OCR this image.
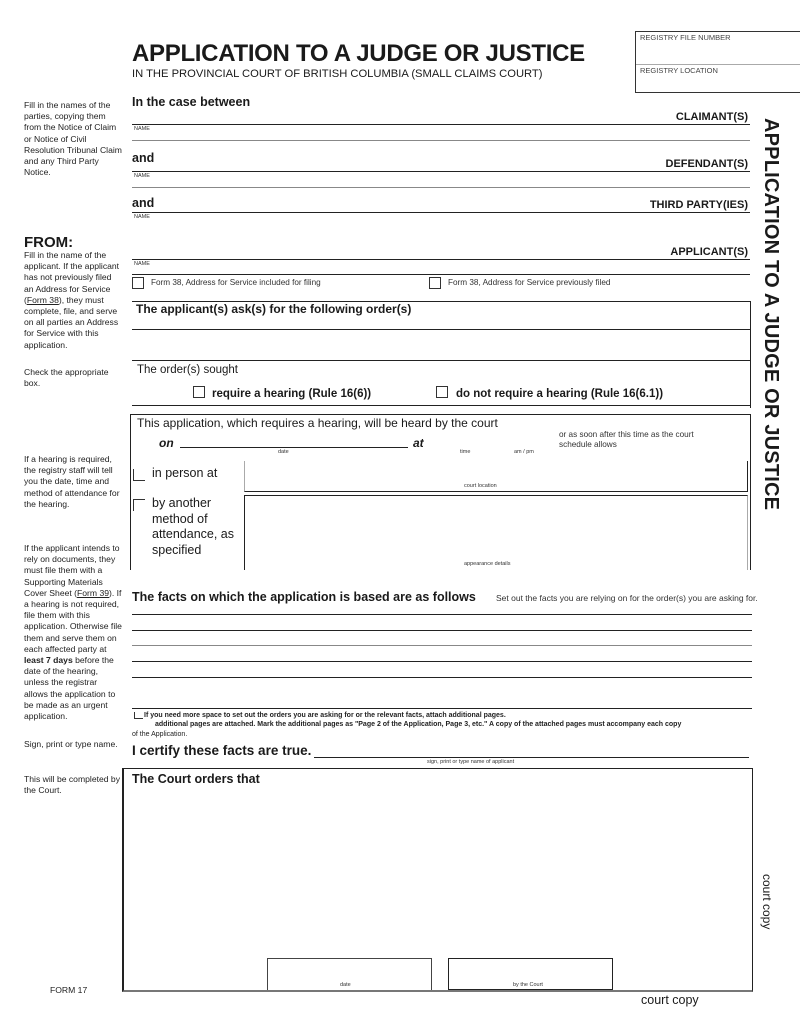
APPLICATION TO A JUDGE OR JUSTICE
IN THE PROVINCIAL COURT OF BRITISH COLUMBIA (SMALL CLAIMS COURT)
REGISTRY FILE NUMBER
REGISTRY LOCATION
APPLICATION TO A JUDGE OR JUSTICE
Fill in the names of the parties, copying them from the Notice of Claim or Notice of Civil Resolution Tribunal Claim and any Third Party Notice.
FROM:
Fill in the name of the applicant. If the applicant has not previously filed an Address for Service (Form 38), they must complete, file, and serve on all parties an Address for Service with this application.
Check the appropriate box.
If a hearing is required, the registry staff will tell you the date, time and method of attendance for the hearing.
If the applicant intends to rely on documents, they must file them with a Supporting Materials Cover Sheet (Form 39). If a hearing is not required, file them with this application. Otherwise file them and serve them on each affected party at least 7 days before the date of the hearing, unless the registrar allows the application to be made as an urgent application.
Sign, print or type name.
This will be completed by the Court.
FORM 17
In the case between
CLAIMANT(S)
NAME
and	DEFENDANT(S)
NAME
and	THIRD PARTY(IES)
NAME
APPLICANT(S)
NAME
Form 38, Address for Service included for filing	Form 38, Address for Service previously filed
The applicant(s) ask(s) for the following order(s)
The order(s) sought
require a hearing (Rule 16(6))	do not require a hearing (Rule 16(6.1))
This application, which requires a hearing, will be heard by the court
on
date
at
time	am / pm
or as soon after this time as the court schedule allows
in person at
court location
by another method of attendance, as specified
appearance details
The facts on which the application is based are as follows Set out the facts you are relying on for the order(s) you are asking for.
If you need more space to set out the orders you are asking for or the relevant facts, attach additional pages.
additional pages are attached. Mark the additional pages as "Page 2 of the Application, Page 3, etc." A copy of the attached pages must accompany each copy
of the Application.
I certify these facts are true.
sign, print or type name of applicant
The Court orders that
date	by the Court
court copy
court copy
